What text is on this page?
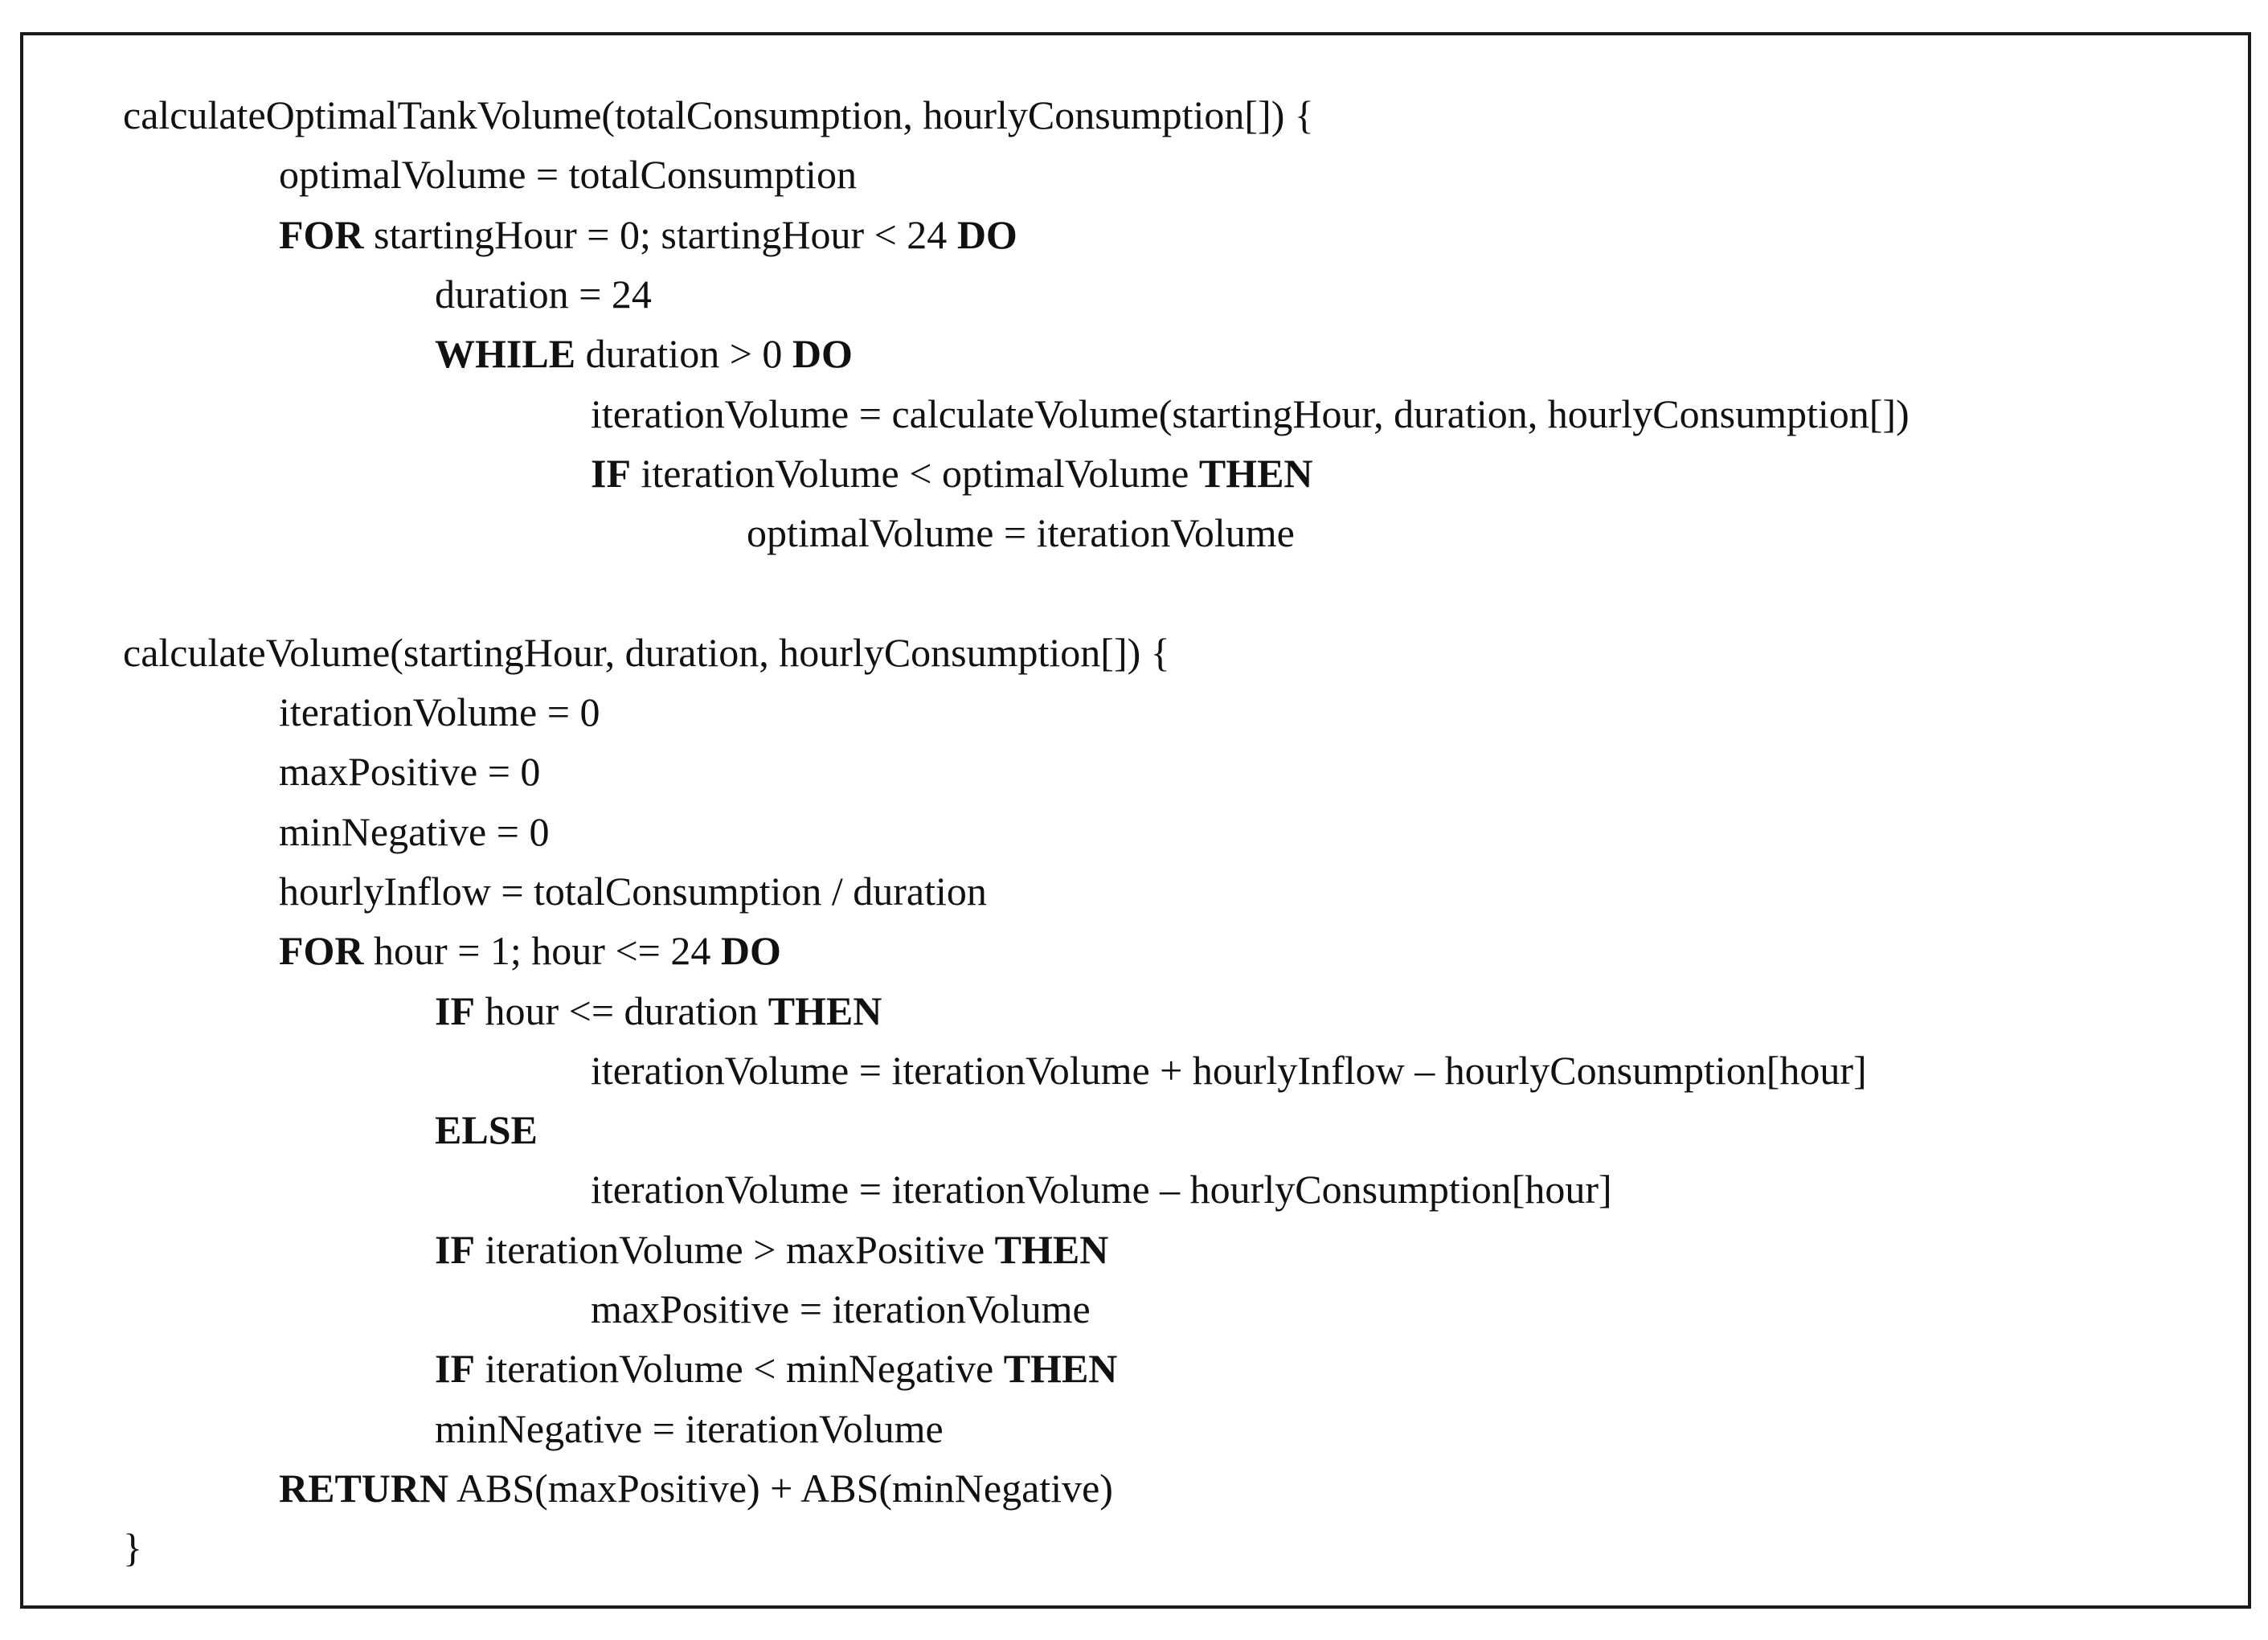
calculateOptimalTankVolume(totalConsumption, hourlyConsumption[]) {
optimalVolume = totalConsumption
FOR startingHour = 0; startingHour < 24 DO
duration = 24
WHILE duration > 0 DO
iterationVolume = calculateVolume(startingHour, duration, hourlyConsumption[])
IF iterationVolume < optimalVolume THEN
optimalVolume = iterationVolume
calculateVolume(startingHour, duration, hourlyConsumption[]) {
iterationVolume = 0
maxPositive = 0
minNegative = 0
hourlyInflow = totalConsumption / duration
FOR hour = 1; hour <= 24 DO
IF hour <= duration THEN
iterationVolume = iterationVolume + hourlyInflow – hourlyConsumption[hour]
ELSE
iterationVolume = iterationVolume – hourlyConsumption[hour]
IF iterationVolume > maxPositive THEN
maxPositive = iterationVolume
IF iterationVolume < minNegative THEN
minNegative = iterationVolume
RETURN ABS(maxPositive) + ABS(minNegative)
}
